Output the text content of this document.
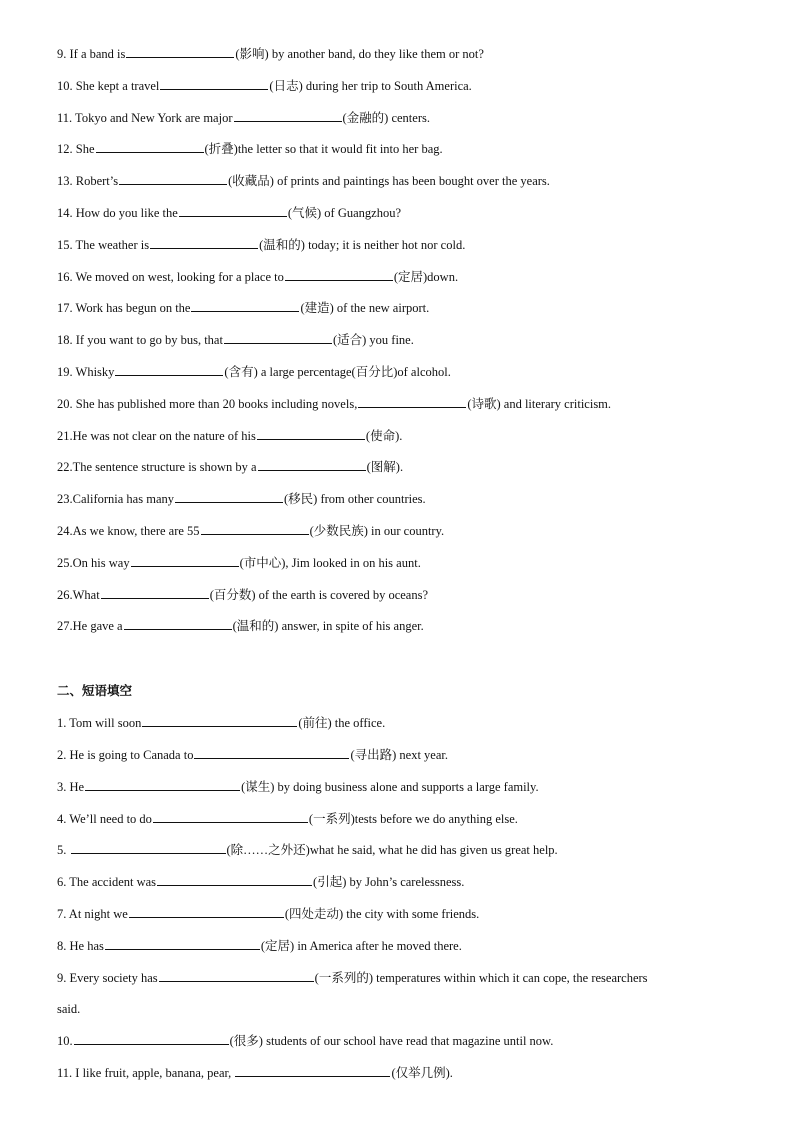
9. If a band is	(影响) by another band, do they like them or not?
10. She kept a travel	(日志) during her trip to South America.
11. Tokyo and New York are major	(金融的) centers.
12. She	(折叠)the letter so that it would fit into her bag.
13. Robert’s	(收藏品) of prints and paintings has been bought over the years.
14. How do you like the	(气候) of Guangzhou?
15. The weather is	(温和的) today; it is neither hot nor cold.
16. We moved on west, looking for a place to	(定居)down.
17. Work has begun on the	(建造) of the new airport.
18. If you want to go by bus, that	(适合) you fine.
19. Whisky	(含有) a large percentage(百分比)of alcohol.
20. She has published more than 20 books including novels,	(诗歌) and literary criticism.
21.He was not clear on the nature of his	(使命).
22.The sentence structure is shown by a	(图解).
23.California has many	(移民) from other countries.
24.As we know, there are 55	(少数民族) in our country.
25.On his way	(市中心), Jim looked in on his aunt.
26.What	(百分数) of the earth is covered by oceans?
27.He gave a	(温和的) answer, in spite of his anger.
二、短语填空
1. Tom will soon	(前往) the office.
2. He is going to Canada to	(寻出路) next year.
3. He	(谋生) by doing business alone and supports a large family.
4. We’ll need to do	(一系列)tests before we do anything else.
5.	(除……之外还)what he said, what he did has given us great help.
6. The accident was	(引起) by John’s carelessness.
7. At night we	(四处走动) the city with some friends.
8. He has	(定居) in America after he moved there.
9. Every society has	(一系列的) temperatures within which it can cope, the researchers
said.
10.	(很多) students of our school have read that magazine until now.
11. I like fruit, apple, banana, pear,	(仅举几例).
